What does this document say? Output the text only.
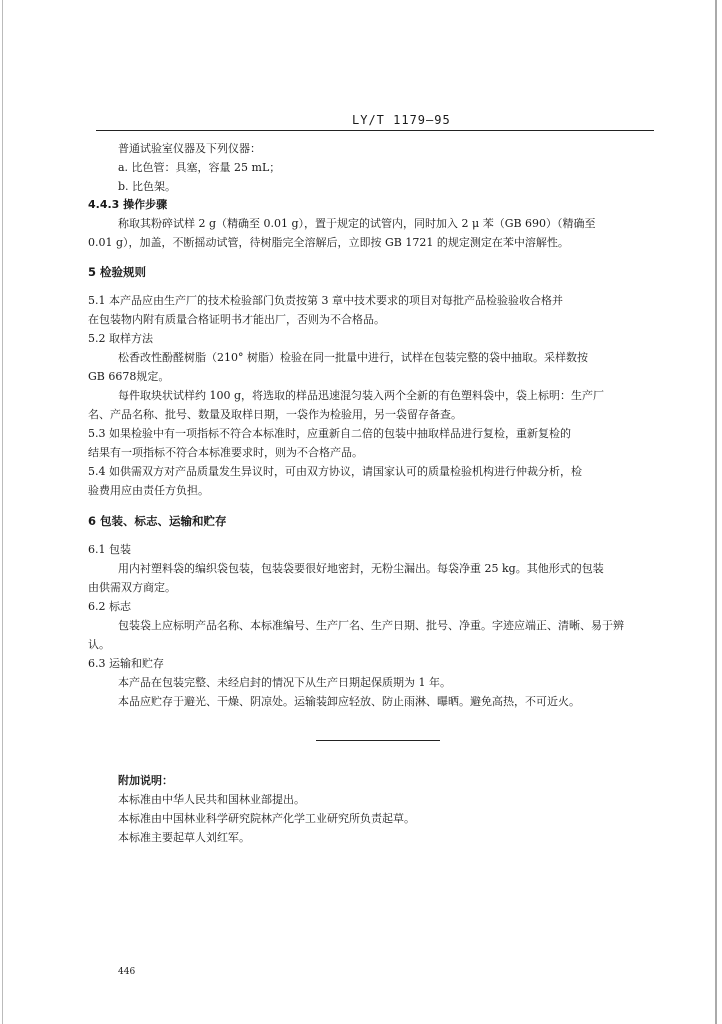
LY/T 1179—95
普通试验室仪器及下列仪器：
a. 比色管：具塞，容量 25 mL；
b. 比色架。
4.4.3 操作步骤
称取其粉碎试样 2 g（精确至 0.01 g），置于规定的试管内，同时加入 2 μ 苯（GB 690）（精确至
0.01 g），加盖，不断摇动试管，待树脂完全溶解后，立即按 GB 1721 的规定测定在苯中溶解性。
5 检验规则
5.1 本产品应由生产厂的技术检验部门负责按第 3 章中技术要求的项目对每批产品检验验收合格并
在包装物内附有质量合格证明书才能出厂，否则为不合格品。
5.2 取样方法
松香改性酚醛树脂（210° 树脂）检验在同一批量中进行，试样在包装完整的袋中抽取。采样数按
GB 6678规定。
每件取块状试样约 100 g，将选取的样品迅速混匀装入两个全新的有色塑料袋中，袋上标明：生产厂
名、产品名称、批号、数量及取样日期，一袋作为检验用，另一袋留存备查。
5.3 如果检验中有一项指标不符合本标准时，应重新自二倍的包装中抽取样品进行复检，重新复检的
结果有一项指标不符合本标准要求时，则为不合格产品。
5.4 如供需双方对产品质量发生异议时，可由双方协议，请国家认可的质量检验机构进行仲裁分析，检
验费用应由责任方负担。
6 包装、标志、运输和贮存
6.1 包装
用内衬塑料袋的编织袋包装，包装袋要很好地密封，无粉尘漏出。每袋净重 25 kg。其他形式的包装
由供需双方商定。
6.2 标志
包装袋上应标明产品名称、本标准编号、生产厂名、生产日期、批号、净重。字迹应端正、清晰、易于辨
认。
6.3 运输和贮存
本产品在包装完整、未经启封的情况下从生产日期起保质期为 1 年。
本品应贮存于避光、干燥、阴凉处。运输装卸应轻放、防止雨淋、曝晒。避免高热，不可近火。
附加说明：
本标准由中华人民共和国林业部提出。
本标准由中国林业科学研究院林产化学工业研究所负责起草。
本标准主要起草人刘红军。
446
